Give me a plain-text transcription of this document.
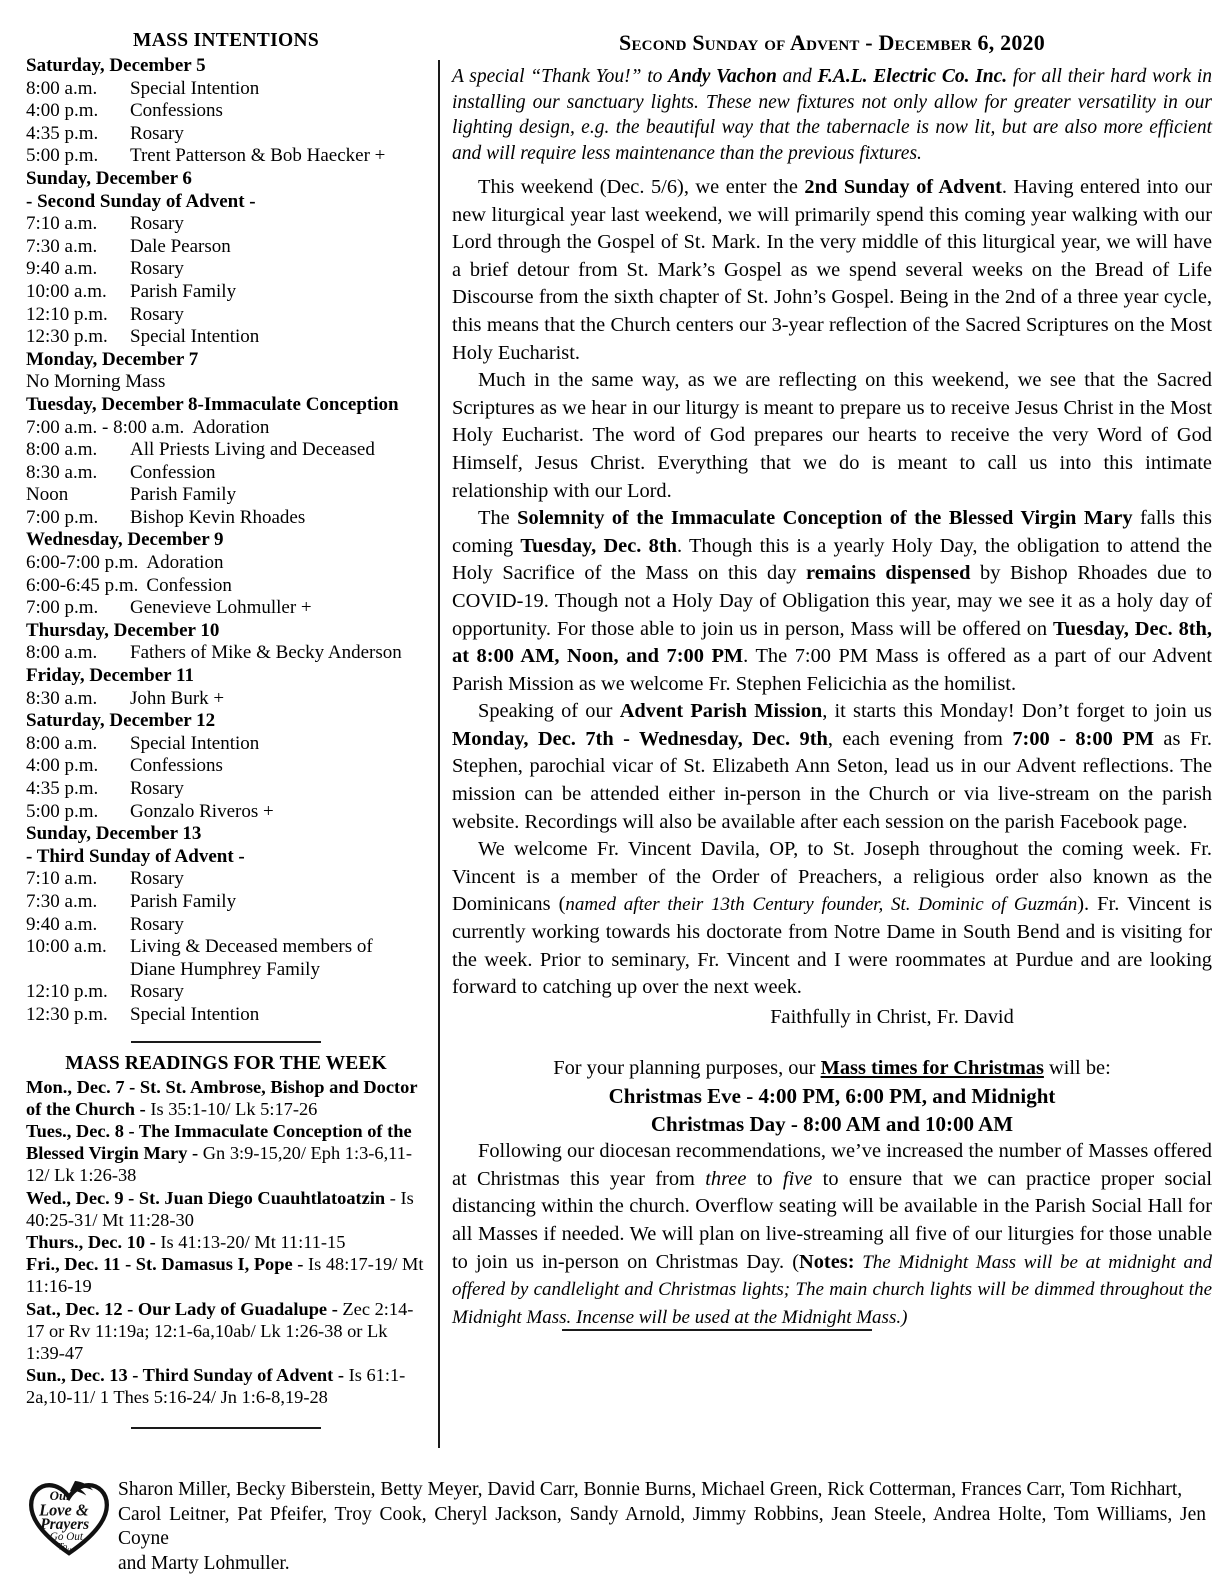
MASS INTENTIONS
Saturday, December 5
8:00 a.m.	Special Intention
4:00 p.m.	Confessions
4:35 p.m.	Rosary
5:00 p.m.	Trent Patterson & Bob Haecker +
Sunday, December 6
- Second Sunday of Advent -
7:10 a.m.	Rosary
7:30 a.m.	Dale Pearson
9:40 a.m.	Rosary
10:00 a.m.	Parish Family
12:10 p.m.	Rosary
12:30 p.m.	Special Intention
Monday, December 7
No Morning Mass
Tuesday, December 8-Immaculate Conception
7:00 a.m. - 8:00 a.m. Adoration
8:00 a.m.	All Priests Living and Deceased
8:30 a.m.	Confession
Noon	Parish Family
7:00 p.m.	Bishop Kevin Rhoades
Wednesday, December 9
6:00-7:00 p.m. Adoration
6:00-6:45 p.m. Confession
7:00 p.m.	Genevieve Lohmuller +
Thursday, December 10
8:00 a.m.	Fathers of Mike & Becky Anderson
Friday, December 11
8:30 a.m.	John Burk +
Saturday, December 12
8:00 a.m.	Special Intention
4:00 p.m.	Confessions
4:35 p.m.	Rosary
5:00 p.m.	Gonzalo Riveros +
Sunday, December 13
- Third Sunday of Advent -
7:10 a.m.	Rosary
7:30 a.m.	Parish Family
9:40 a.m.	Rosary
10:00 a.m.	Living & Deceased members of
Diane Humphrey Family
12:10 p.m.	Rosary
12:30 p.m.	Special Intention
MASS READINGS FOR THE WEEK
Mon., Dec. 7 - St. St. Ambrose, Bishop and Doctor of the Church - Is 35:1-10/ Lk 5:17-26
Tues., Dec. 8 - The Immaculate Conception of the Blessed Virgin Mary - Gn 3:9-15,20/ Eph 1:3-6,11-12/ Lk 1:26-38
Wed., Dec. 9 - St. Juan Diego Cuauhtlatoatzin - Is 40:25-31/ Mt 11:28-30
Thurs., Dec. 10 - Is 41:13-20/ Mt 11:11-15
Fri., Dec. 11 - St. Damasus I, Pope - Is 48:17-19/ Mt 11:16-19
Sat., Dec. 12 - Our Lady of Guadalupe - Zec 2:14-17 or Rv 11:19a; 12:1-6a,10ab/ Lk 1:26-38 or Lk 1:39-47
Sun., Dec. 13 - Third Sunday of Advent - Is 61:1-2a,10-11/ 1 Thes 5:16-24/ Jn 1:6-8,19-28
Second Sunday of Advent - December 6, 2020

A special “Thank You!” to Andy Vachon and F.A.L. Electric Co. Inc. for all their hard work in installing our sanctuary lights. These new fixtures not only allow for greater versatility in our lighting design, e.g. the beautiful way that the tabernacle is now lit, but are also more efficient and will require less maintenance than the previous fixtures.

This weekend (Dec. 5/6), we enter the 2nd Sunday of Advent. Having entered into our new liturgical year last weekend, we will primarily spend this coming year walking with our Lord through the Gospel of St. Mark. In the very middle of this liturgical year, we will have a brief detour from St. Mark’s Gospel as we spend several weeks on the Bread of Life Discourse from the sixth chapter of St. John’s Gospel. Being in the 2nd of a three year cycle, this means that the Church centers our 3-year reflection of the Sacred Scriptures on the Most Holy Eucharist.

Much in the same way, as we are reflecting on this weekend, we see that the Sacred Scriptures as we hear in our liturgy is meant to prepare us to receive Jesus Christ in the Most Holy Eucharist. The word of God prepares our hearts to receive the very Word of God Himself, Jesus Christ. Everything that we do is meant to call us into this intimate relationship with our Lord.

The Solemnity of the Immaculate Conception of the Blessed Virgin Mary falls this coming Tuesday, Dec. 8th. Though this is a yearly Holy Day, the obligation to attend the Holy Sacrifice of the Mass on this day remains dispensed by Bishop Rhoades due to COVID-19. Though not a Holy Day of Obligation this year, may we see it as a holy day of opportunity. For those able to join us in person, Mass will be offered on Tuesday, Dec. 8th, at 8:00 AM, Noon, and 7:00 PM. The 7:00 PM Mass is offered as a part of our Advent Parish Mission as we welcome Fr. Stephen Felicichia as the homilist.

Speaking of our Advent Parish Mission, it starts this Monday! Don’t forget to join us Monday, Dec. 7th - Wednesday, Dec. 9th, each evening from 7:00 - 8:00 PM as Fr. Stephen, parochial vicar of St. Elizabeth Ann Seton, lead us in our Advent reflections. The mission can be attended either in-person in the Church or via live-stream on the parish website. Recordings will also be available after each session on the parish Facebook page.

We welcome Fr. Vincent Davila, OP, to St. Joseph throughout the coming week. Fr. Vincent is a member of the Order of Preachers, a religious order also known as the Dominicans (named after their 13th Century founder, St. Dominic of Guzmán). Fr. Vincent is currently working towards his doctorate from Notre Dame in South Bend and is visiting for the week. Prior to seminary, Fr. Vincent and I were roommates at Purdue and are looking forward to catching up over the next week.

Faithfully in Christ, Fr. David
For your planning purposes, our Mass times for Christmas will be:
Christmas Eve - 4:00 PM, 6:00 PM, and Midnight
Christmas Day - 8:00 AM and 10:00 AM

Following our diocesan recommendations, we’ve increased the number of Masses offered at Christmas this year from three to five to ensure that we can practice proper social distancing within the church. Overflow seating will be available in the Parish Social Hall for all Masses if needed. We will plan on live-streaming all five of our liturgies for those unable to join us in-person on Christmas Day. (Notes: The Midnight Mass will be at midnight and offered by candlelight and Christmas lights; The main church lights will be dimmed throughout the Midnight Mass. Incense will be used at the Midnight Mass.)

Our
Love &
Prayers
Go Out
To...
Sharon Miller, Becky Biberstein, Betty Meyer, David Carr, Bonnie Burns, Michael Green, Rick Cotterman, Frances Carr, Tom Richhart,
Carol Leitner, Pat Pfeifer, Troy Cook, Cheryl Jackson, Sandy Arnold, Jimmy Robbins, Jean Steele, Andrea Holte, Tom Williams, Jen Coyne
and Marty Lohmuller.
